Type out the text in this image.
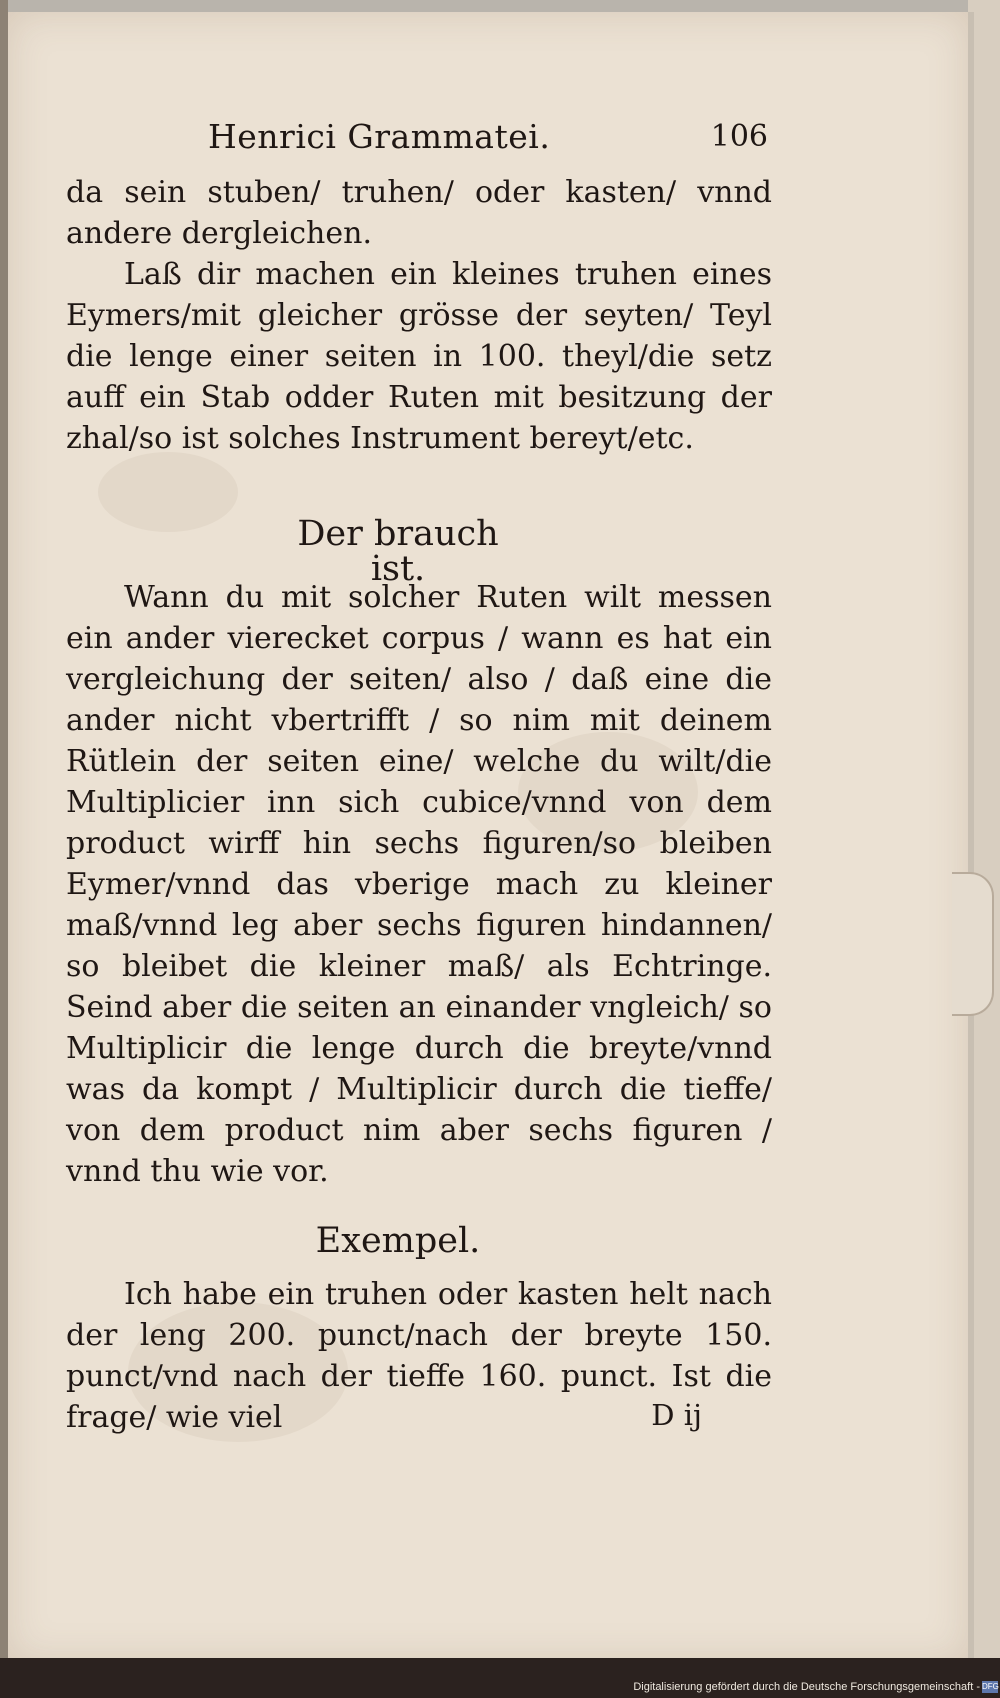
Henrici Grammatei.	106

da sein stuben/ truhen/ oder kasten/ vnnd andere dergleichen.

Laß dir machen ein kleines truhen eines Eymers/mit gleicher grösse der seyten/ Teyl die lenge einer seiten in 100. theyl/die setz auff ein Stab odder Ruten mit besitzung der zhal/so ist solches Instrument bereyt/etc.

Der brauch ist.

Wann du mit solcher Ruten wilt messen ein ander vierecket corpus / wann es hat ein vergleichung der seiten/ also / daß eine die ander nicht vbertrifft / so nim mit deinem Rütlein der seiten eine/ welche du wilt/die Multiplicier inn sich cubice/vnnd von dem product wirff hin sechs figuren/so bleiben Eymer/vnnd das vberige mach zu kleiner maß/vnnd leg aber sechs figuren hindannen/ so bleibet die kleiner maß/ als Echtringe. Seind aber die seiten an einander vngleich/ so Multiplicir die lenge durch die breyte/vnnd was da kompt / Multiplicir durch die tieffe/ von dem product nim aber sechs figuren / vnnd thu wie vor.

Exempel.

Ich habe ein truhen oder kasten helt nach der leng 200. punct/nach der breyte 150. punct/vnd nach der tieffe 160. punct. Ist die frage/ wie viel	D ij
Digitalisierung gefördert durch die Deutsche Forschungsgemeinschaft - DFG
